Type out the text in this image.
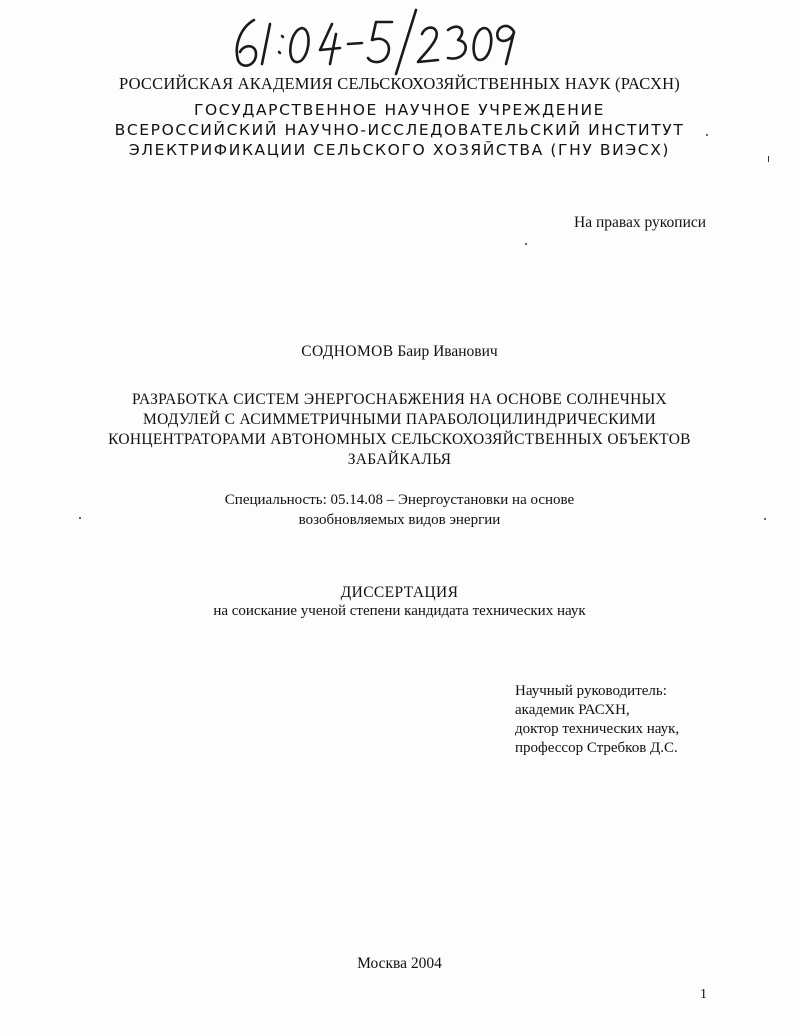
РОССИЙСКАЯ АКАДЕМИЯ СЕЛЬСКОХОЗЯЙСТВЕННЫХ НАУК (РАСХН)
ГОСУДАРСТВЕННОЕ НАУЧНОЕ УЧРЕЖДЕНИЕ
ВСЕРОССИЙСКИЙ НАУЧНО-ИССЛЕДОВАТЕЛЬСКИЙ ИНСТИТУТ
ЭЛЕКТРИФИКАЦИИ СЕЛЬСКОГО ХОЗЯЙСТВА (ГНУ ВИЭСХ)
На правах рукописи
СОДНОМОВ Баир Иванович
РАЗРАБОТКА СИСТЕМ ЭНЕРГОСНАБЖЕНИЯ НА ОСНОВЕ СОЛНЕЧНЫХ
МОДУЛЕЙ С АСИММЕТРИЧНЫМИ ПАРАБОЛОЦИЛИНДРИЧЕСКИМИ
КОНЦЕНТРАТОРАМИ АВТОНОМНЫХ СЕЛЬСКОХОЗЯЙСТВЕННЫХ ОБЪЕКТОВ
ЗАБАЙКАЛЬЯ
Специальность: 05.14.08 – Энергоустановки на основе
возобновляемых видов энергии
ДИССЕРТАЦИЯ
на соискание ученой степени кандидата технических наук
Научный руководитель:
академик РАСХН,
доктор технических наук,
профессор Стребков Д.С.
Москва 2004
1
